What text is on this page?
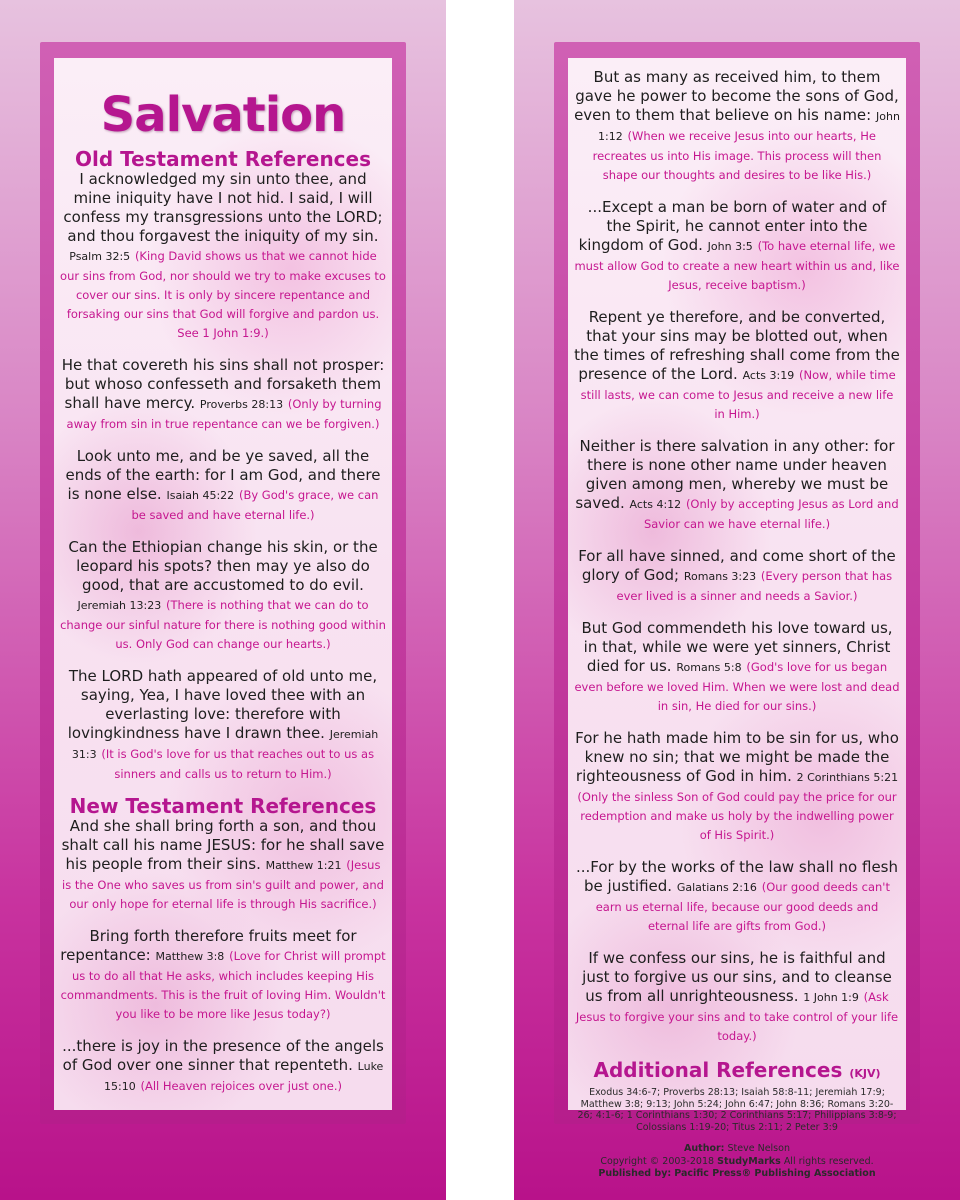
Salvation
Old Testament References
I acknowledged my sin unto thee, and mine iniquity have I not hid. I said, I will confess my transgressions unto the LORD; and thou forgavest the iniquity of my sin. Psalm 32:5 (King David shows us that we cannot hide our sins from God, nor should we try to make excuses to cover our sins. It is only by sincere repentance and forsaking our sins that God will forgive and pardon us. See 1 John 1:9.)
He that covereth his sins shall not prosper: but whoso confesseth and forsaketh them shall have mercy. Proverbs 28:13 (Only by turning away from sin in true repentance can we be forgiven.)
Look unto me, and be ye saved, all the ends of the earth: for I am God, and there is none else. Isaiah 45:22 (By God's grace, we can be saved and have eternal life.)
Can the Ethiopian change his skin, or the leopard his spots? then may ye also do good, that are accustomed to do evil. Jeremiah 13:23 (There is nothing that we can do to change our sinful nature for there is nothing good within us. Only God can change our hearts.)
The LORD hath appeared of old unto me, saying, Yea, I have loved thee with an everlasting love: therefore with lovingkindness have I drawn thee. Jeremiah 31:3 (It is God's love for us that reaches out to us as sinners and calls us to return to Him.)
New Testament References
And she shall bring forth a son, and thou shalt call his name JESUS: for he shall save his people from their sins. Matthew 1:21 (Jesus is the One who saves us from sin's guilt and power, and our only hope for eternal life is through His sacrifice.)
Bring forth therefore fruits meet for repentance: Matthew 3:8 (Love for Christ will prompt us to do all that He asks, which includes keeping His commandments. This is the fruit of loving Him. Wouldn't you like to be more like Jesus today?)
...there is joy in the presence of the angels of God over one sinner that repenteth. Luke 15:10 (All Heaven rejoices over just one.)
But as many as received him, to them gave he power to become the sons of God, even to them that believe on his name: John 1:12 (When we receive Jesus into our hearts, He recreates us into His image. This process will then shape our thoughts and desires to be like His.)
...Except a man be born of water and of the Spirit, he cannot enter into the kingdom of God. John 3:5 (To have eternal life, we must allow God to create a new heart within us and, like Jesus, receive baptism.)
Repent ye therefore, and be converted, that your sins may be blotted out, when the times of refreshing shall come from the presence of the Lord. Acts 3:19 (Now, while time still lasts, we can come to Jesus and receive a new life in Him.)
Neither is there salvation in any other: for there is none other name under heaven given among men, whereby we must be saved. Acts 4:12 (Only by accepting Jesus as Lord and Savior can we have eternal life.)
For all have sinned, and come short of the glory of God; Romans 3:23 (Every person that has ever lived is a sinner and needs a Savior.)
But God commendeth his love toward us, in that, while we were yet sinners, Christ died for us. Romans 5:8 (God's love for us began even before we loved Him. When we were lost and dead in sin, He died for our sins.)
For he hath made him to be sin for us, who knew no sin; that we might be made the righteousness of God in him. 2 Corinthians 5:21 (Only the sinless Son of God could pay the price for our redemption and make us holy by the indwelling power of His Spirit.)
...For by the works of the law shall no flesh be justified. Galatians 2:16 (Our good deeds can't earn us eternal life, because our good deeds and eternal life are gifts from God.)
If we confess our sins, he is faithful and just to forgive us our sins, and to cleanse us from all unrighteousness. 1 John 1:9 (Ask Jesus to forgive your sins and to take control of your life today.)
Additional References (KJV)
Exodus 34:6-7; Proverbs 28:13; Isaiah 58:8-11; Jeremiah 17:9; Matthew 3:8; 9:13; John 5:24; John 6:47; John 8:36; Romans 3:20-26; 4:1-6; 1 Corinthians 1:30; 2 Corinthians 5:17; Philippians 3:8-9; Colossians 1:19-20; Titus 2:11; 2 Peter 3:9
Author: Steve Nelson
Copyright © 2003-2018 StudyMarks All rights reserved.
Published by: Pacific Press® Publishing Association
